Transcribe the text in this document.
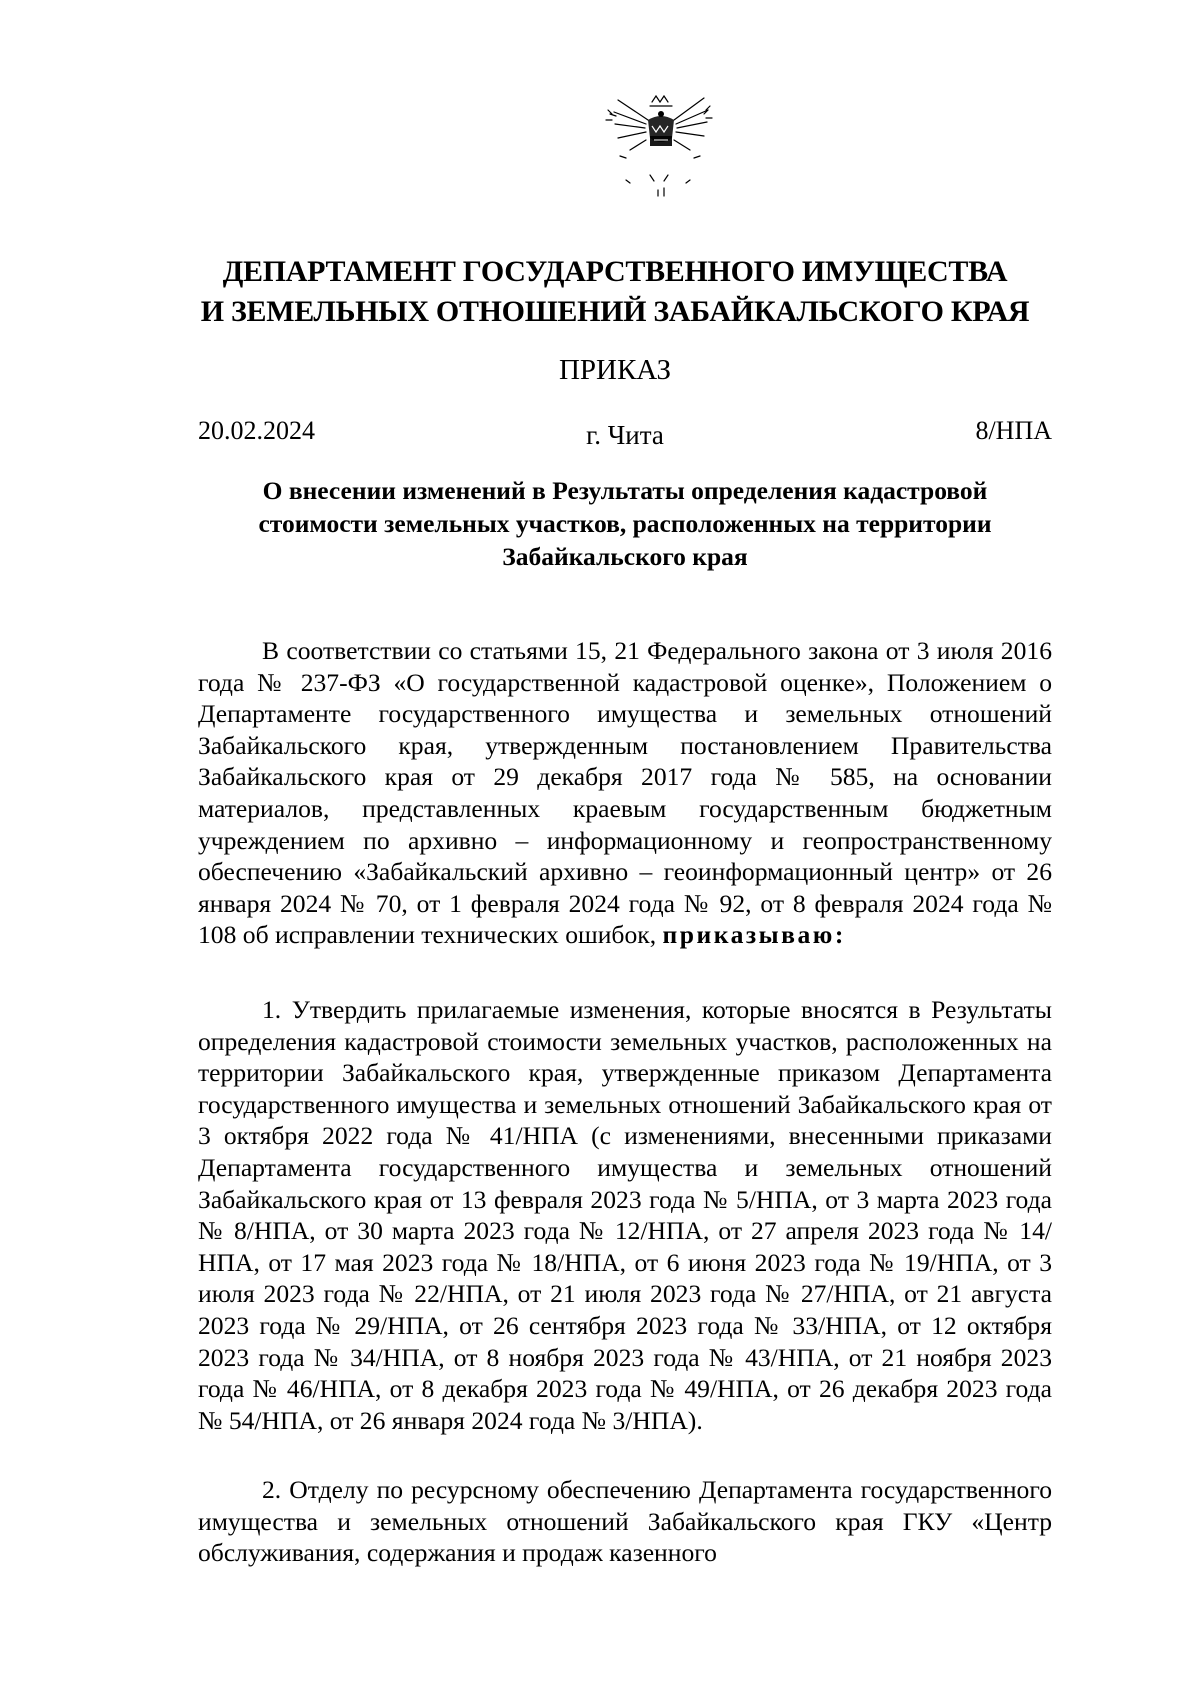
ДЕПАРТАМЕНТ ГОСУДАРСТВЕННОГО ИМУЩЕСТВА
И ЗЕМЕЛЬНЫХ ОТНОШЕНИЙ ЗАБАЙКАЛЬСКОГО КРАЯ
ПРИКАЗ
20.02.2024	г. Чита	8/НПА
О внесении изменений в Результаты определения кадастровой
стоимости земельных участков, расположенных на территории
Забайкальского края

В соответствии со статьями 15, 21 Федерального закона от 3 июля 2016 года № 237-ФЗ «О государственной кадастровой оценке», Положением о Департаменте государственного имущества и земельных отношений Забайкальского края, утвержденным постановлением Правительства Забайкальского края от 29 декабря 2017 года № 585, на основании материалов, представленных краевым государственным бюджетным учреждением по архивно – информационному и геопространственному обеспечению «Забайкальский архивно – геоинформационный центр» от 26 января 2024 № 70, от 1 февраля 2024 года № 92, от 8 февраля 2024 года № 108 об исправлении технических ошибок, приказываю:

1. Утвердить прилагаемые изменения, которые вносятся в Результаты определения кадастровой стоимости земельных участков, расположенных на территории Забайкальского края, утвержденные приказом Департамента государственного имущества и земельных отношений Забайкальского края от 3 октября 2022 года № 41/НПА (с изменениями, внесенными приказами Департамента государственного имущества и земельных отношений Забайкальского края от 13 февраля 2023 года № 5/НПА, от 3 марта 2023 года № 8/НПА, от 30 марта 2023 года № 12/НПА, от 27 апреля 2023 года № 14/НПА, от 17 мая 2023 года № 18/НПА, от 6 июня 2023 года № 19/НПА, от 3 июля 2023 года № 22/НПА, от 21 июля 2023 года № 27/НПА, от 21 августа 2023 года № 29/НПА, от 26 сентября 2023 года № 33/НПА, от 12 октября 2023 года № 34/НПА, от 8 ноября 2023 года № 43/НПА, от 21 ноября 2023 года № 46/НПА, от 8 декабря 2023 года № 49/НПА, от 26 декабря 2023 года № 54/НПА, от 26 января 2024 года № 3/НПА).

2. Отделу по ресурсному обеспечению Департамента государственного имущества и земельных отношений Забайкальского края ГКУ «Центр обслуживания, содержания и продаж казенного
